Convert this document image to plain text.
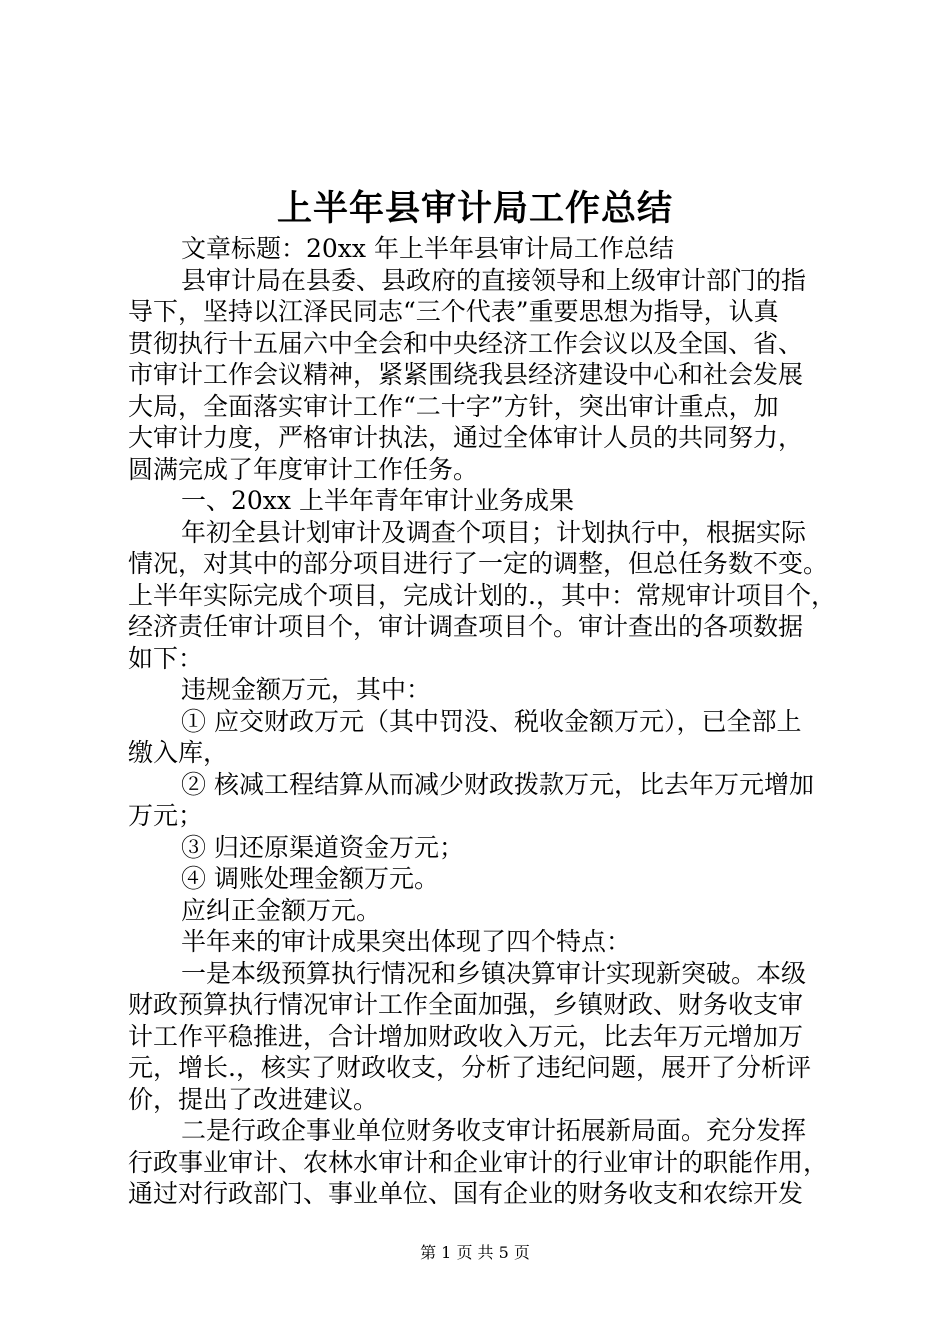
上半年县审计局工作总结
文章标题：20xx 年上半年县审计局工作总结
县审计局在县委、县政府的直接领导和上级审计部门的指
导下，坚持以江泽民同志“三个代表”重要思想为指导，认真
贯彻执行十五届六中全会和中央经济工作会议以及全国、省、
市审计工作会议精神，紧紧围绕我县经济建设中心和社会发展
大局，全面落实审计工作“二十字”方针，突出审计重点，加
大审计力度，严格审计执法，通过全体审计人员的共同努力，
圆满完成了年度审计工作任务。
一、20xx 上半年青年审计业务成果
年初全县计划审计及调查个项目；计划执行中，根据实际
情况，对其中的部分项目进行了一定的调整，但总任务数不变。
上半年实际完成个项目，完成计划的.，其中：常规审计项目个，
经济责任审计项目个，审计调查项目个。审计查出的各项数据
如下：
违规金额万元，其中：
① 应交财政万元（其中罚没、税收金额万元），已全部上
缴入库，
② 核减工程结算从而减少财政拨款万元，比去年万元增加
万元；
③ 归还原渠道资金万元；
④ 调账处理金额万元。
应纠正金额万元。
半年来的审计成果突出体现了四个特点：
一是本级预算执行情况和乡镇决算审计实现新突破。本级
财政预算执行情况审计工作全面加强，乡镇财政、财务收支审
计工作平稳推进，合计增加财政收入万元，比去年万元增加万
元，增长.，核实了财政收支，分析了违纪问题，展开了分析评
价，提出了改进建议。
二是行政企事业单位财务收支审计拓展新局面。充分发挥
行政事业审计、农林水审计和企业审计的行业审计的职能作用，
通过对行政部门、事业单位、国有企业的财务收支和农综开发
第 1 页 共 5 页
